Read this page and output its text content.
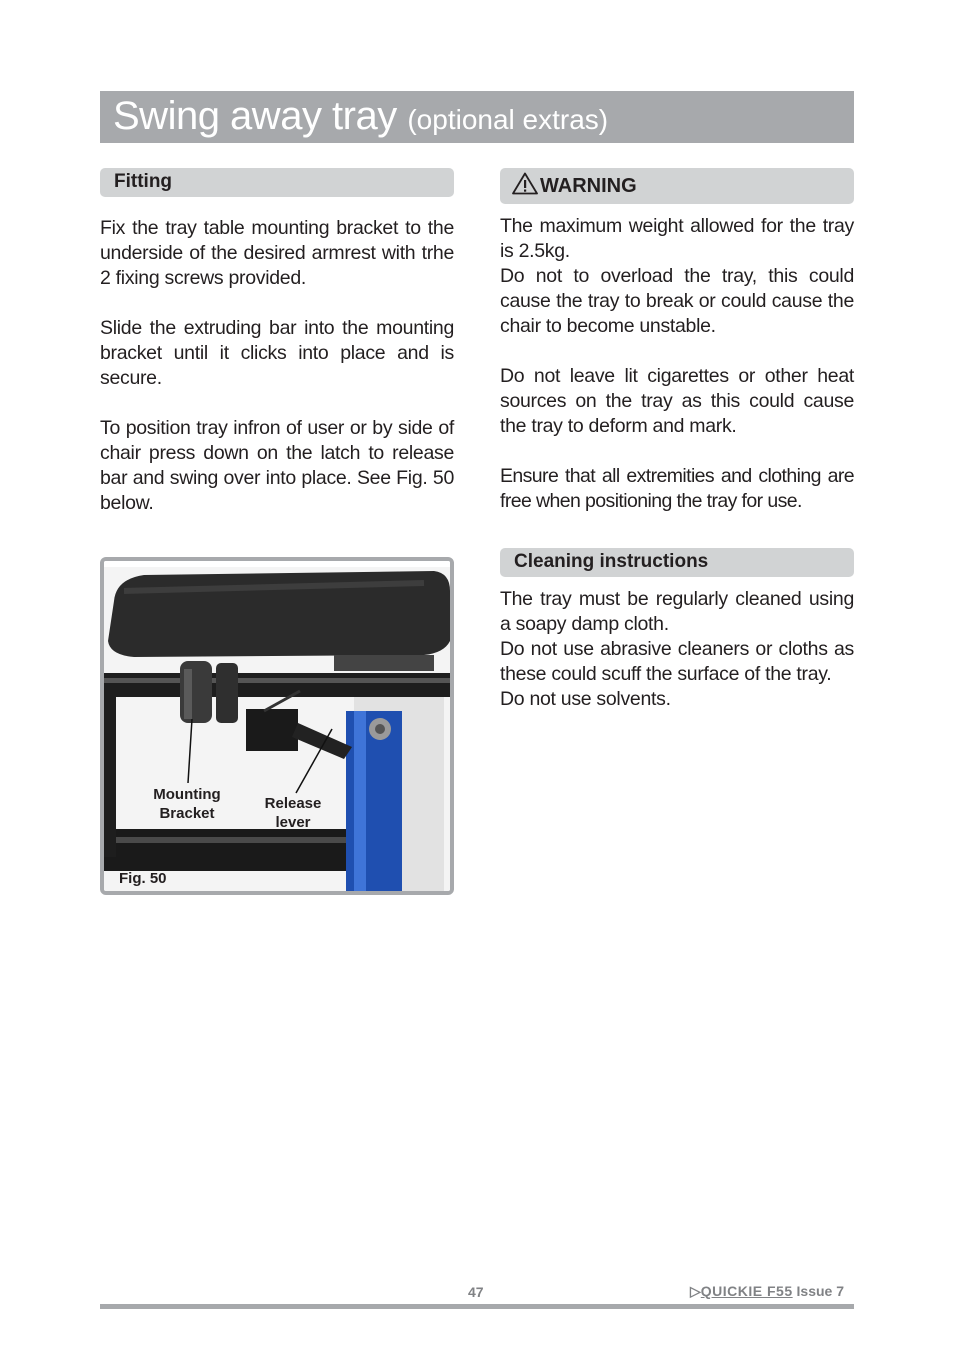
Swing away tray (optional extras)
Fitting

Fix the tray table mounting bracket to the underside of the desired armrest with trhe 2 fixing screws provided.

Slide the extruding bar into the mounting bracket until it clicks into place and is secure.

To position tray infron of user or by side of chair press down on the latch to release bar and swing over into place. See Fig. 50 below.

Mounting
Bracket
Release
lever
Fig. 50
WARNING

The maximum weight allowed for the tray is 2.5kg.

Do not to overload the tray, this could cause the tray to break or could cause the chair to become unstable.

Do not leave lit cigarettes or other heat sources on the tray as this could cause the tray to deform and mark.

Ensure that all extremities and clothing are free when positioning the tray for use.

Cleaning instructions

The tray must be regularly cleaned using a soapy damp cloth.

Do not use abrasive cleaners or cloths as these could scuff the surface of the tray.

Do not use solvents.

47	▷QUICKIE F55 Issue 7
